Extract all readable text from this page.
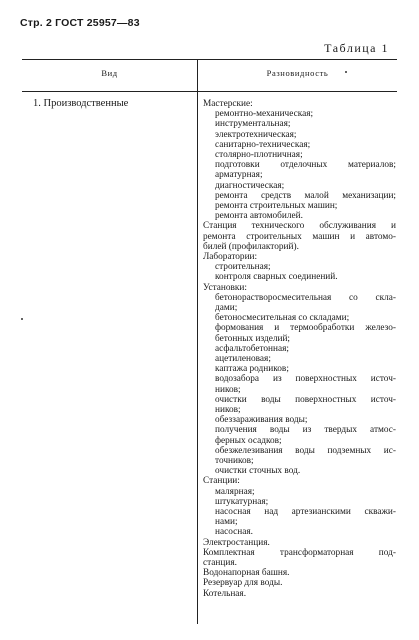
Стр. 2 ГОСТ 25957—83
Таблица 1
Вид	Разновидность
1. Производственные	Мастерские:
ремонтно-механическая;
инструментальная;
электротехническая;
санитарно-техническая;
столярно-плотничная;
подготовки отделочных материалов;
арматурная;
диагностическая;
ремонта средств малой механизации;
ремонта строительных машин;
ремонта автомобилей.
Станция технического обслуживания и
ремонта строительных машин и автомо-
билей (профилакторий).
Лаборатории:
строительная;
контроля сварных соединений.
Установки:
бетонорастворосмесительная со скла-
дами;
бетоносмесительная со складами;
формования и термообработки железо-
бетонных изделий;
асфальтобетонная;
ацетиленовая;
каптажа родников;
водозабора из поверхностных источ-
ников;
очистки воды поверхностных источ-
ников;
обеззараживания воды;
получения воды из твердых атмос-
ферных осадков;
обезжелезивания воды подземных ис-
точников;
очистки сточных вод.
Станции:
малярная;
штукатурная;
насосная над артезианскими скважи-
нами;
насосная.
Электростанция.
Комплектная трансформаторная под-
станция.
Водонапорная башня.
Резервуар для воды.
Котельная.
